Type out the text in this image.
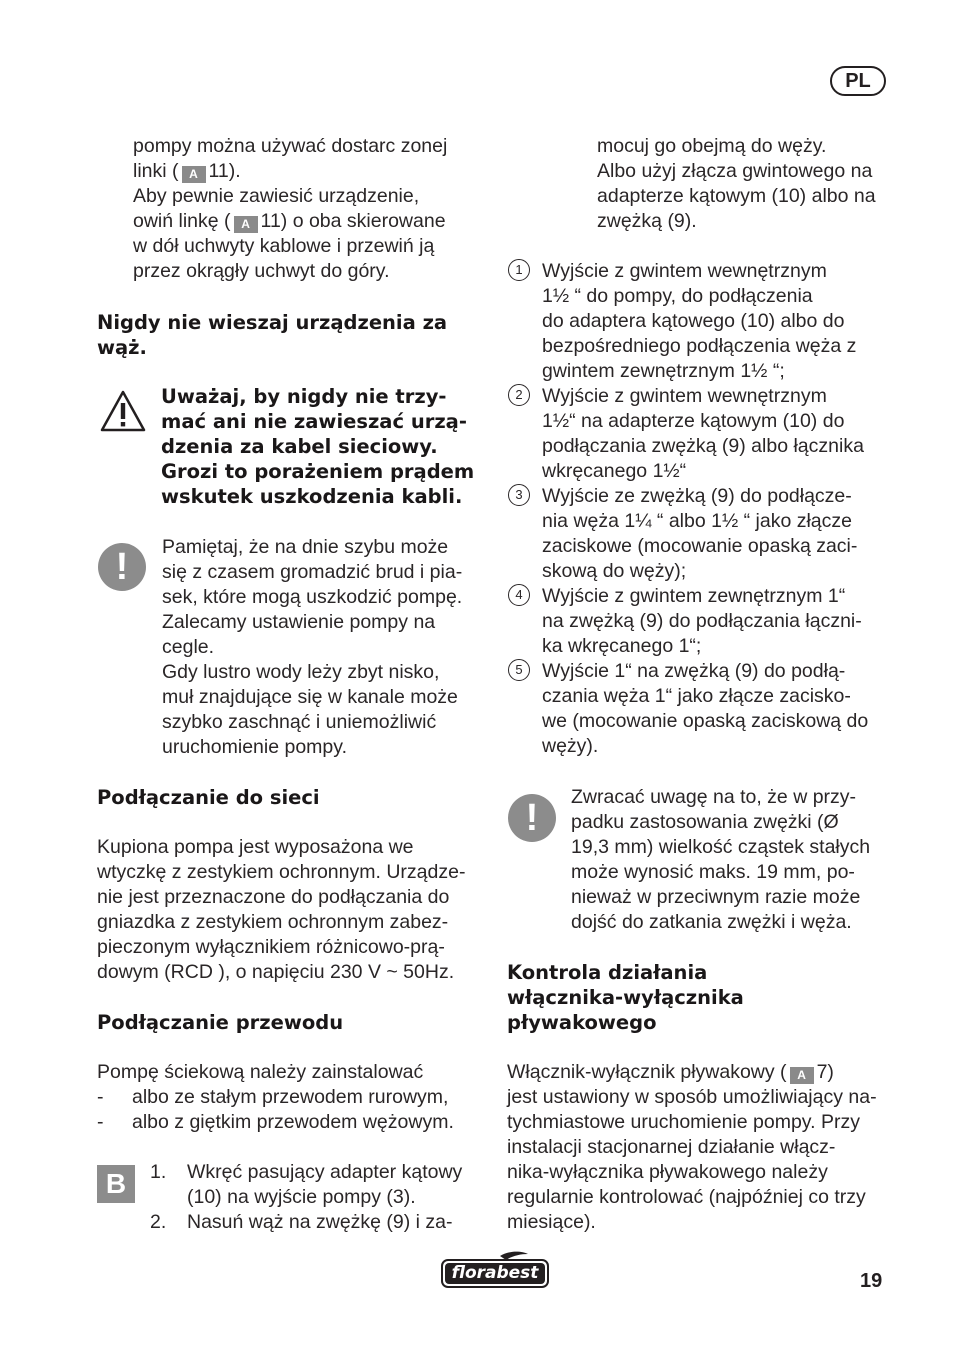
PL
pompy można używać dostarc zonej
linki ( A 11).
Aby pewnie zawiesić urządzenie,
owiń linkę ( A 11) o oba skierowane
w dół uchwyty kablowe i przewiń ją
przez okrągły uchwyt do góry.
Nigdy nie wieszaj urządzenia za
wąż.
Uważaj, by nigdy nie trzy-
mać ani nie zawieszać urzą-
dzenia za kabel sieciowy.
Grozi to porażeniem prądem
wskutek uszkodzenia kabli.
!	Pamiętaj, że na dnie szybu może
się z czasem gromadzić brud i pia-
sek, które mogą uszkodzić pompę.
Zalecamy ustawienie pompy na
cegle.
Gdy lustro wody leży zbyt nisko,
muł znajdujące się w kanale może
szybko zaschnąć i uniemożliwić
uruchomienie pompy.
Podłączanie do sieci
Kupiona pompa jest wyposażona we
wtyczkę z zestykiem ochronnym. Urządze-
nie jest przeznaczone do podłączania do
gniazdka z zestykiem ochronnym zabez-
pieczonym wyłącznikiem różnicowo-prą-
dowym (RCD ), o napięciu 230 V ~ 50Hz.
Podłączanie przewodu
Pompę ściekową należy zainstalować
- albo ze stałym przewodem rurowym,
- albo z giętkim przewodem wężowym.
B	1. Wkręć pasujący adapter kątowy
(10) na wyjście pompy (3).
2. Nasuń wąż na zwężkę (9) i za-
mocuj go obejmą do węży.
Albo użyj złącza gwintowego na
adapterze kątowym (10) albo na
zwężką (9).
1 Wyjście z gwintem wewnętrznym
1½ “ do pompy, do podłączenia
do adaptera kątowego (10) albo do
bezpośredniego podłączenia węża z
gwintem zewnętrznym 1½ “;
2 Wyjście z gwintem wewnętrznym
1½“ na adapterze kątowym (10) do
podłączania zwężką (9) albo łącznika
wkręcanego 1½“
3 Wyjście ze zwężką (9) do podłącze-
nia węża 1¼ “ albo 1½ “ jako złącze
zaciskowe (mocowanie opaską zaci-
skową do węży);
4 Wyjście z gwintem zewnętrznym 1“
na zwężką (9) do podłączania łączni-
ka wkręcanego 1“;
5 Wyjście 1“ na zwężką (9) do podłą-
czania węża 1“ jako złącze zacisko-
we (mocowanie opaską zaciskową do
węży).
!	Zwracać uwagę na to, że w przy-
padku zastosowania zwężki (Ø
19,3 mm) wielkość cząstek stałych
może wynosić maks. 19 mm, po-
nieważ w przeciwnym razie może
dojść do zatkania zwężki i węża.
Kontrola działania
włącznika-wyłącznika
pływakowego
Włącznik-wyłącznik pływakowy ( A 7)
jest ustawiony w sposób umożliwiający na-
tychmiastowe uruchomienie pompy. Przy
instalacji stacjonarnej działanie włącz-
nika-wyłącznika pływakowego należy
regularnie kontrolować (najpóźniej co trzy
miesiące).
florabest	19
